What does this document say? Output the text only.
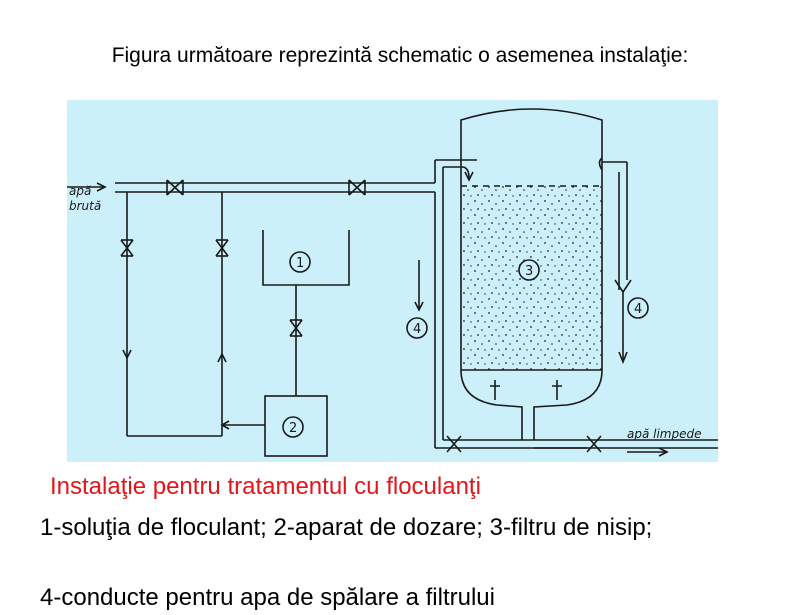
Figura următoare reprezintă schematic o asemenea instalaţie:
apă
brută
apă limpede
1
2
3
4
4
Instalaţie pentru tratamentul cu floculanţi
1-soluţia de floculant; 2-aparat de dozare; 3-filtru de nisip;
4-conducte pentru apa de spălare a filtrului
